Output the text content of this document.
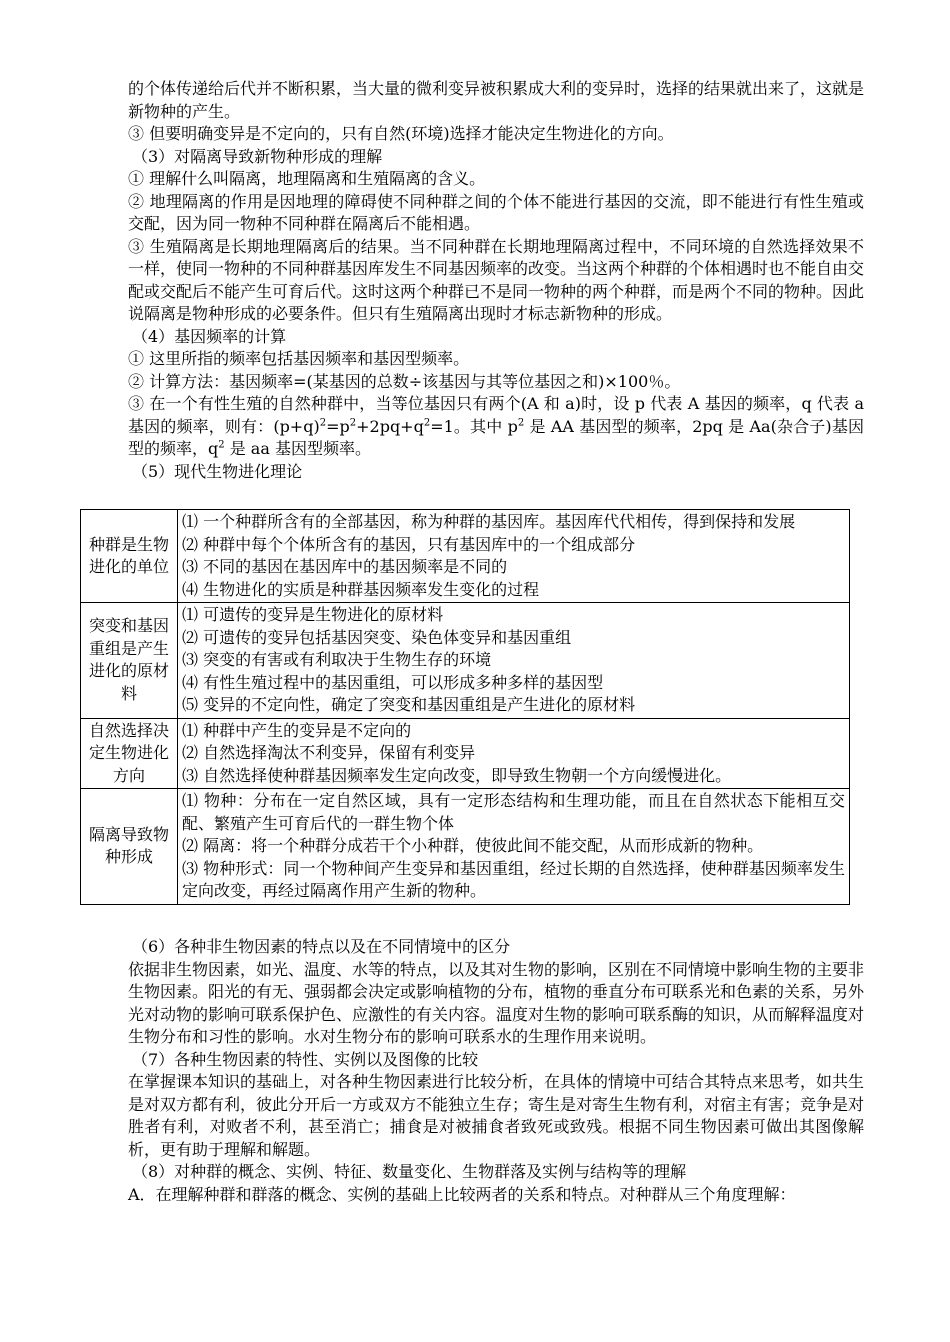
的个体传递给后代并不断积累，当大量的微利变异被积累成大利的变异时，选择的结果就出来了，这就是新物种的产生。

③ 但要明确变异是不定向的，只有自然(环境)选择才能决定生物进化的方向。

（3）对隔离导致新物种形成的理解

① 理解什么叫隔离，地理隔离和生殖隔离的含义。

② 地理隔离的作用是因地理的障碍使不同种群之间的个体不能进行基因的交流，即不能进行有性生殖或交配，因为同一物种不同种群在隔离后不能相遇。

③ 生殖隔离是长期地理隔离后的结果。当不同种群在长期地理隔离过程中，不同环境的自然选择效果不一样，使同一物种的不同种群基因库发生不同基因频率的改变。当这两个种群的个体相遇时也不能自由交配或交配后不能产生可育后代。这时这两个种群已不是同一物种的两个种群，而是两个不同的物种。因此说隔离是物种形成的必要条件。但只有生殖隔离出现时才标志新物种的形成。

（4）基因频率的计算

① 这里所指的频率包括基因频率和基因型频率。

② 计算方法：基因频率=(某基因的总数÷该基因与其等位基因之和)×100％。

③ 在一个有性生殖的自然种群中，当等位基因只有两个(A 和 a)时，设 p 代表 A 基因的频率，q 代表 a 基因的频率，则有：$(p+q)^2=p^2+2pq+q^2=1$。其中 $p^2$ 是 AA 基因型的频率，2pq 是 Aa(杂合子)基因型的频率，$q^2$ 是 aa 基因型频率。

（5）现代生物进化理论

种群是生物进化的单位	⑴ 一个种群所含有的全部基因，称为种群的基因库。基因库代代相传，得到保持和发展
⑵ 种群中每个个体所含有的基因，只有基因库中的一个组成部分
⑶ 不同的基因在基因库中的基因频率是不同的
⑷ 生物进化的实质是种群基因频率发生变化的过程

突变和基因重组是产生进化的原材料	⑴ 可遗传的变异是生物进化的原材料
⑵ 可遗传的变异包括基因突变、染色体变异和基因重组
⑶ 突变的有害或有利取决于生物生存的环境
⑷ 有性生殖过程中的基因重组，可以形成多种多样的基因型
⑸ 变异的不定向性，确定了突变和基因重组是产生进化的原材料

自然选择决定生物进化方向	⑴ 种群中产生的变异是不定向的
⑵ 自然选择淘汰不利变异，保留有利变异
⑶ 自然选择使种群基因频率发生定向改变，即导致生物朝一个方向缓慢进化。

隔离导致物种形成	⑴ 物种：分布在一定自然区域，具有一定形态结构和生理功能，而且在自然状态下能相互交配、繁殖产生可育后代的一群生物个体
⑵ 隔离：将一个种群分成若干个小种群，使彼此间不能交配，从而形成新的物种。
⑶ 物种形式：同一个物种间产生变异和基因重组，经过长期的自然选择，使种群基因频率发生定向改变，再经过隔离作用产生新的物种。

（6）各种非生物因素的特点以及在不同情境中的区分

依据非生物因素，如光、温度、水等的特点，以及其对生物的影响，区别在不同情境中影响生物的主要非生物因素。阳光的有无、强弱都会决定或影响植物的分布，植物的垂直分布可联系光和色素的关系，另外光对动物的影响可联系保护色、应激性的有关内容。温度对生物的影响可联系酶的知识，从而解释温度对生物分布和习性的影响。水对生物分布的影响可联系水的生理作用来说明。

（7）各种生物因素的特性、实例以及图像的比较

在掌握课本知识的基础上，对各种生物因素进行比较分析，在具体的情境中可结合其特点来思考，如共生是对双方都有利，彼此分开后一方或双方不能独立生存；寄生是对寄生生物有利，对宿主有害；竞争是对胜者有利，对败者不利，甚至消亡；捕食是对被捕食者致死或致残。根据不同生物因素可做出其图像解析，更有助于理解和解题。

（8）对种群的概念、实例、特征、数量变化、生物群落及实例与结构等的理解

A．在理解种群和群落的概念、实例的基础上比较两者的关系和特点。对种群从三个角度理解：
